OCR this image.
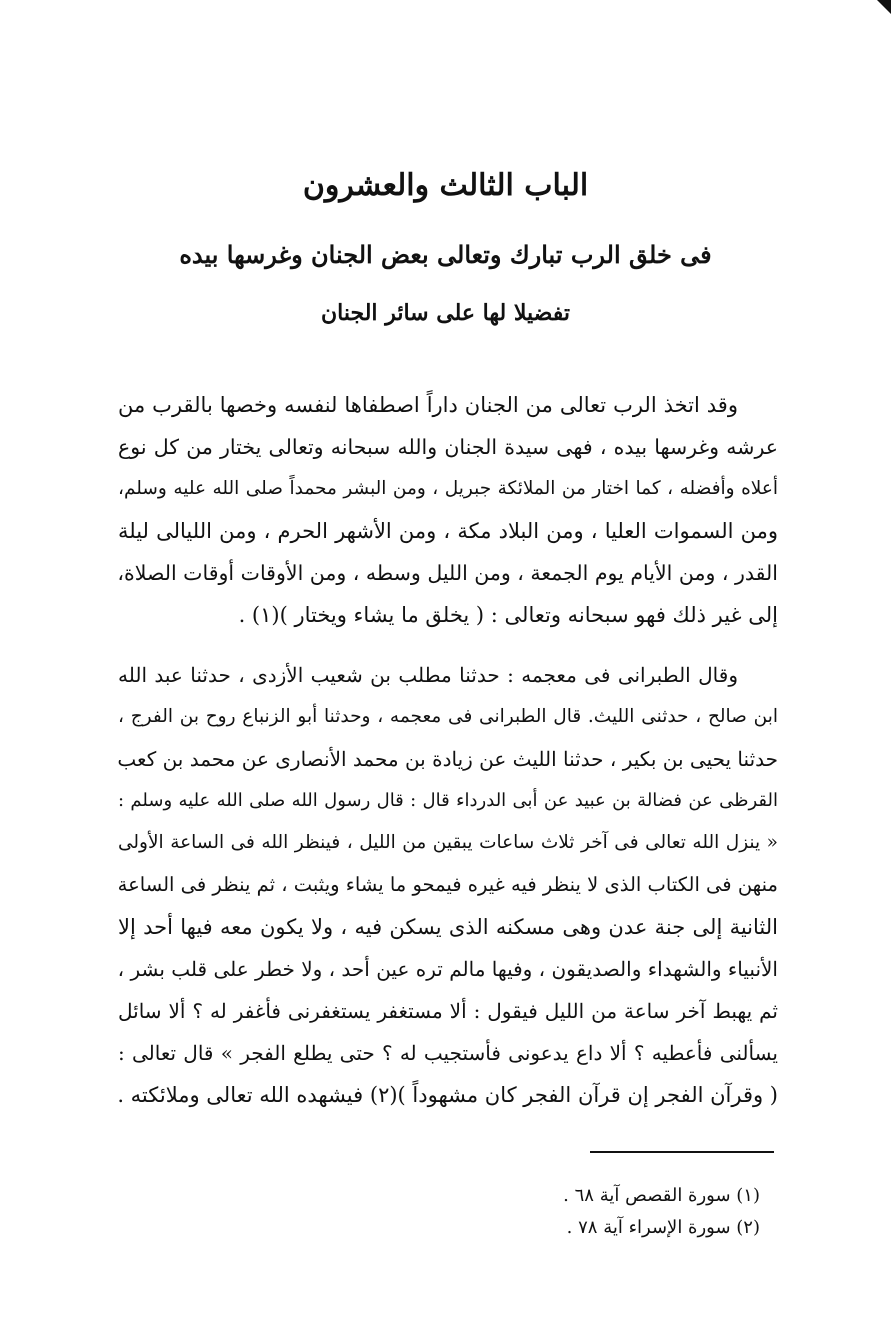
الباب الثالث والعشرون
فى خلق الرب تبارك وتعالى بعض الجنان وغرسها بيده
تفضيلا لها على سائر الجنان
وقد اتخذ الرب تعالى من الجنان داراً اصطفاها لنفسه وخصها بالقرب من
عرشه وغرسها بيده ، فهى سيدة الجنان والله سبحانه وتعالى يختار من كل نوع
أعلاه وأفضله ، كما اختار من الملائكة جبريل ، ومن البشر محمداً صلى الله عليه وسلم،
ومن السموات العليا ، ومن البلاد مكة ، ومن الأشهر الحرم ، ومن الليالى ليلة
القدر ، ومن الأيام يوم الجمعة ، ومن الليل وسطه ، ومن الأوقات أوقات الصلاة،
إلى غير ذلك فهو سبحانه وتعالى : ( يخلق ما يشاء ويختار )(١) .
وقال الطبرانى فى معجمه : حدثنا مطلب بن شعيب الأزدى ، حدثنا عبد الله
ابن صالح ، حدثنى الليث. قال الطبرانى فى معجمه ، وحدثنا أبو الزنباع روح بن الفرج ،
حدثنا يحيى بن بكير ، حدثنا الليث عن زيادة بن محمد الأنصارى عن محمد بن كعب
القرظى عن فضالة بن عبيد عن أبى الدرداء قال : قال رسول الله صلى الله عليه وسلم :
« ينزل الله تعالى فى آخر ثلاث ساعات يبقين من الليل ، فينظر الله فى الساعة الأولى
منهن فى الكتاب الذى لا ينظر فيه غيره فيمحو ما يشاء ويثبت ، ثم ينظر فى الساعة
الثانية إلى جنة عدن وهى مسكنه الذى يسكن فيه ، ولا يكون معه فيها أحد إلا
الأنبياء والشهداء والصديقون ، وفيها مالم تره عين أحد ، ولا خطر على قلب بشر ،
ثم يهبط آخر ساعة من الليل فيقول : ألا مستغفر يستغفرنى فأغفر له ؟ ألا سائل
يسألنى فأعطيه ؟ ألا داع يدعونى فأستجيب له ؟ حتى يطلع الفجر » قال تعالى :
( وقرآن الفجر إن قرآن الفجر كان مشهوداً )(٢) فيشهده الله تعالى وملائكته .
(١) سورة القصص آية ٦٨ .
(٢) سورة الإسراء آية ٧٨ .
